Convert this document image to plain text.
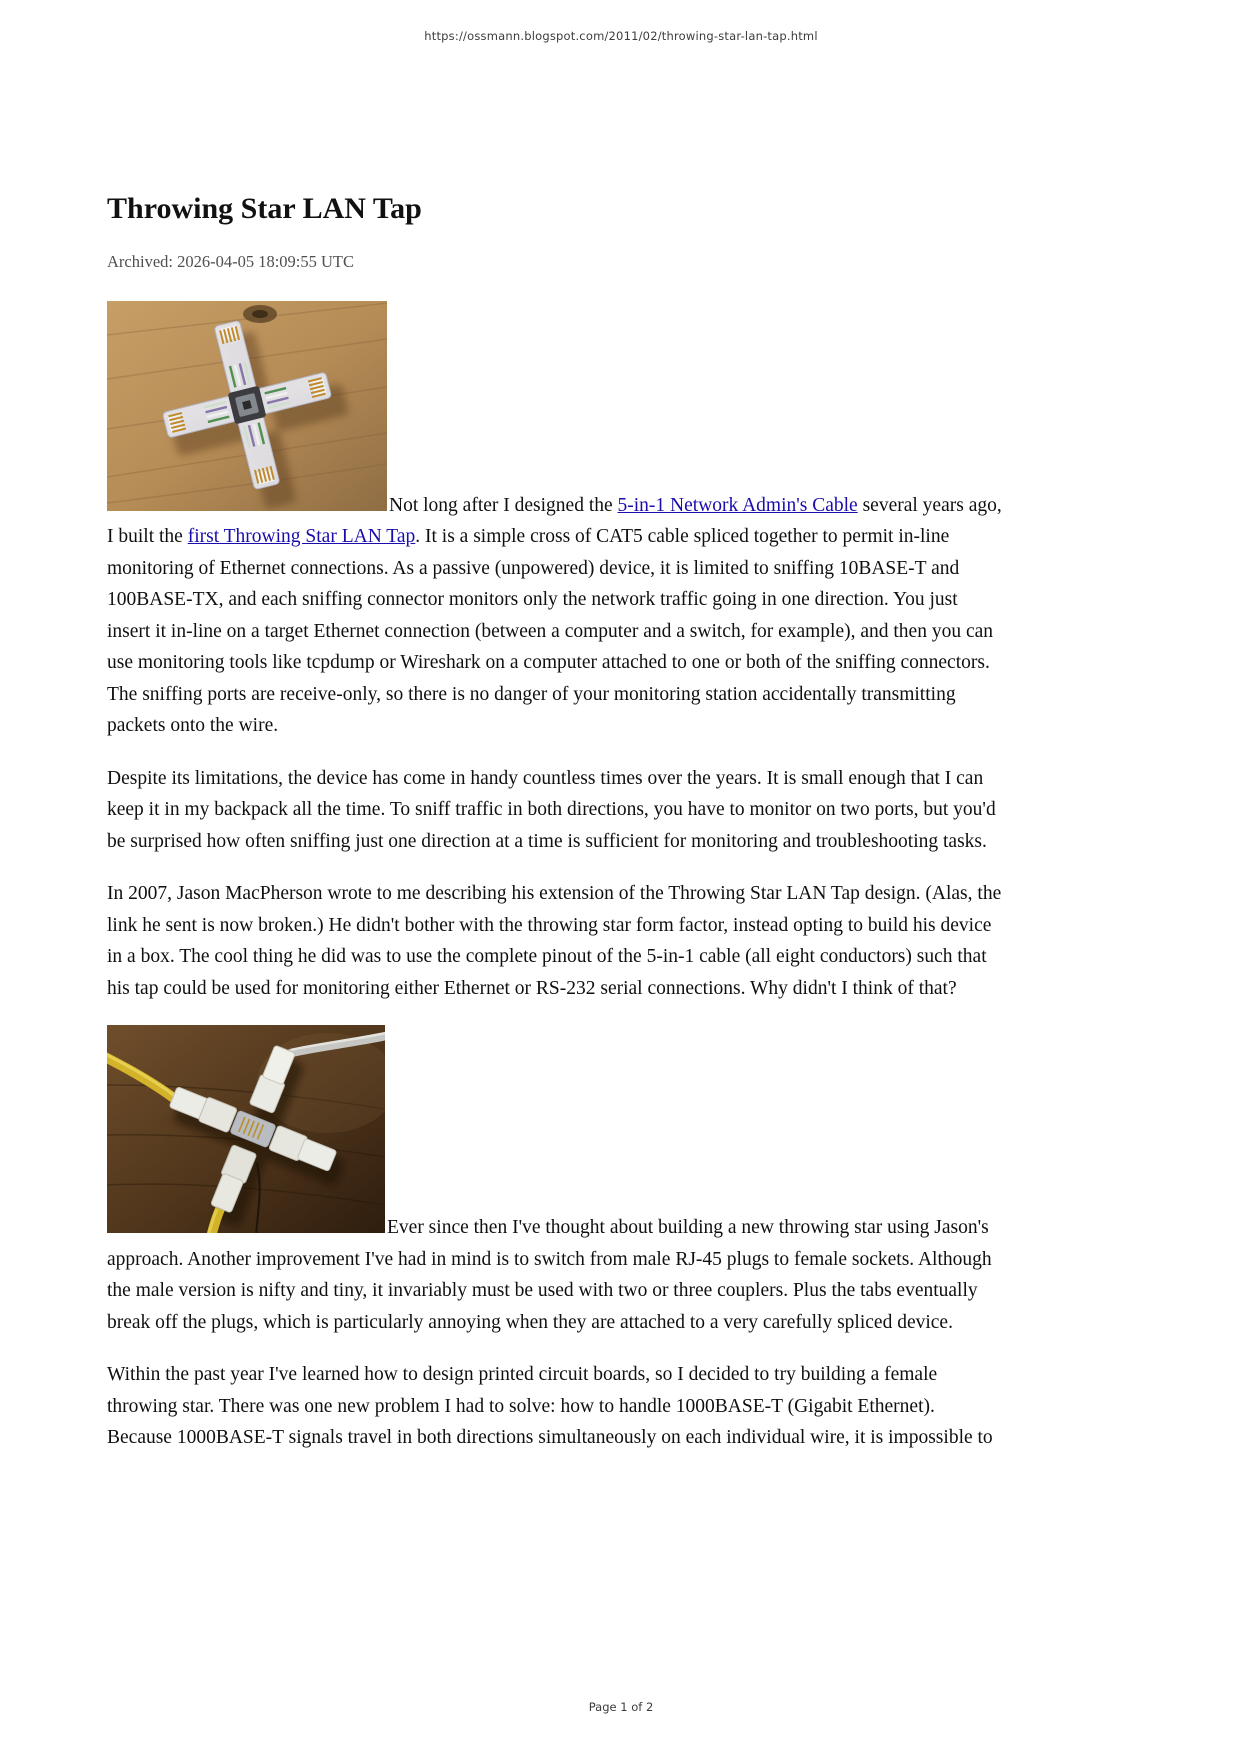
https://ossmann.blogspot.com/2011/02/throwing-star-lan-tap.html
Throwing Star LAN Tap
Archived: 2026-04-05 18:09:55 UTC

Not long after I designed the 5-in-1 Network Admin's Cable several years ago, I built the first Throwing Star LAN Tap. It is a simple cross of CAT5 cable spliced together to permit in-line monitoring of Ethernet connections. As a passive (unpowered) device, it is limited to sniffing 10BASE-T and 100BASE-TX, and each sniffing connector monitors only the network traffic going in one direction. You just insert it in-line on a target Ethernet connection (between a computer and a switch, for example), and then you can use monitoring tools like tcpdump or Wireshark on a computer attached to one or both of the sniffing connectors. The sniffing ports are receive-only, so there is no danger of your monitoring station accidentally transmitting packets onto the wire.

Despite its limitations, the device has come in handy countless times over the years. It is small enough that I can keep it in my backpack all the time. To sniff traffic in both directions, you have to monitor on two ports, but you'd be surprised how often sniffing just one direction at a time is sufficient for monitoring and troubleshooting tasks.

In 2007, Jason MacPherson wrote to me describing his extension of the Throwing Star LAN Tap design. (Alas, the link he sent is now broken.) He didn't bother with the throwing star form factor, instead opting to build his device in a box. The cool thing he did was to use the complete pinout of the 5-in-1 cable (all eight conductors) such that his tap could be used for monitoring either Ethernet or RS-232 serial connections. Why didn't I think of that?

Ever since then I've thought about building a new throwing star using Jason's approach. Another improvement I've had in mind is to switch from male RJ-45 plugs to female sockets. Although the male version is nifty and tiny, it invariably must be used with two or three couplers. Plus the tabs eventually break off the plugs, which is particularly annoying when they are attached to a very carefully spliced device.

Within the past year I've learned how to design printed circuit boards, so I decided to try building a female throwing star. There was one new problem I had to solve: how to handle 1000BASE-T (Gigabit Ethernet). Because 1000BASE-T signals travel in both directions simultaneously on each individual wire, it is impossible to

Page 1 of 2
